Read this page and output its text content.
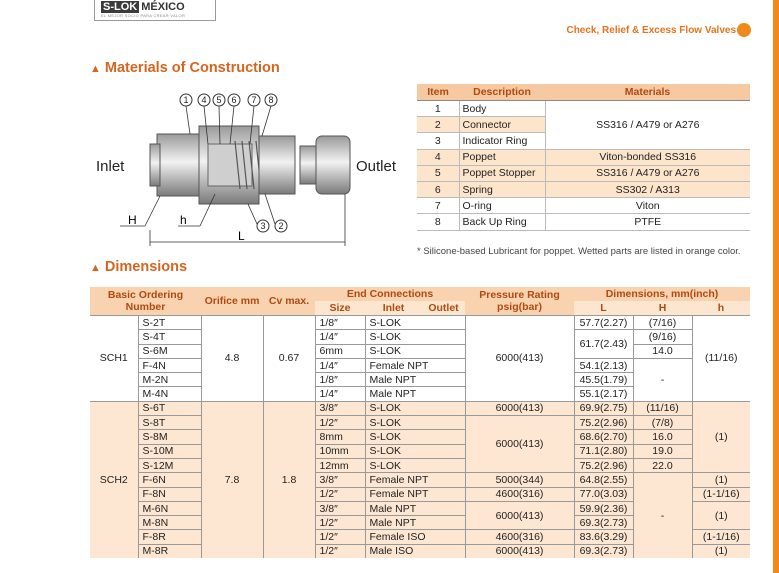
S-LOK MÉXICO
EL MEJOR SOCIO PARA CREAR VALOR
Check, Relief & Excess Flow Valves
▲ Materials of Construction
1 4 5 6 7 8
3 2
H	h
L
Inlet	Outlet
Item	Description	Materials
1	Body	SS316 / A479 or A276
2	Connector	
3	Indicator Ring	
4	Poppet	Viton-bonded SS316
5	Poppet Stopper	SS316 / A479 or A276
6	Spring	SS302 / A313
7	O-ring	Viton
8	Back Up Ring	PTFE
* Silicone-based Lubricant for poppet. Wetted parts are listed in orange color.
▲ Dimensions
Basic Ordering Number		Orifice mm	Cv max.	End Connections			Pressure Rating psig(bar)	Dimensions, mm(inch)		
				Size	Inlet	Outlet		L	H	h
SCH1	S-2T	4.8	0.67	1/8″	S-LOK		6000(413)	57.7(2.27)	(7/16)	(11/16)
	S-4T			1/4″	S-LOK			61.7(2.43)	(9/16)	
	S-6M			6mm	S-LOK				14.0	
	F-4N			1/4″	Female NPT			54.1(2.13)	-	
	M-2N			1/8″	Male NPT			45.5(1.79)		
	M-4N			1/4″	Male NPT			55.1(2.17)		
SCH2	S-6T	7.8	1.8	3/8″	S-LOK		6000(413)	69.9(2.75)	(11/16)	(1)
	S-8T			1/2″	S-LOK		6000(413)	75.2(2.96)	(7/8)	
	S-8M			8mm	S-LOK			68.6(2.70)	16.0	
	S-10M			10mm	S-LOK			71.1(2.80)	19.0	
	S-12M			12mm	S-LOK			75.2(2.96)	22.0	
	F-6N			3/8″	Female NPT		5000(344)	64.8(2.55)	-	(1)
	F-8N			1/2″	Female NPT		4600(316)	77.0(3.03)		(1-1/16)
	M-6N			3/8″	Male NPT		6000(413)	59.9(2.36)		(1)
	M-8N			1/2″	Male NPT			69.3(2.73)		
	F-8R			1/2″	Female ISO		4600(316)	83.6(3.29)		(1-1/16)
	M-8R			1/2″	Male ISO		6000(413)	69.3(2.73)		(1)
